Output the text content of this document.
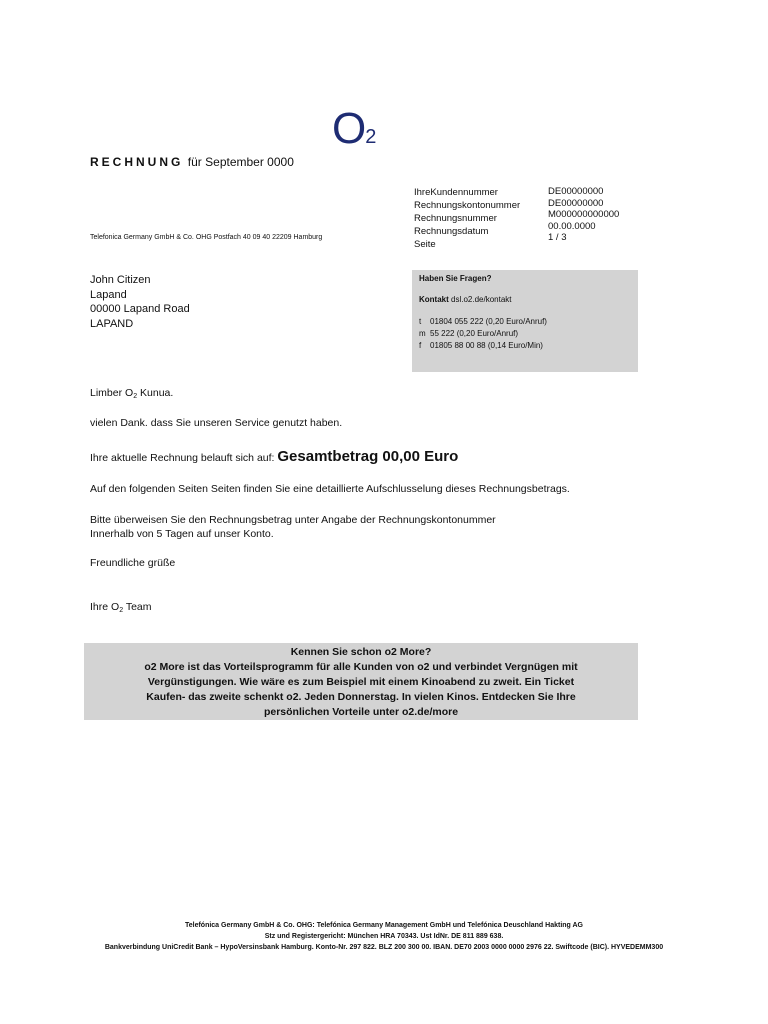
O2
RECHNUNG für September 0000
IhreKundennummer
Rechnungskontonummer
Rechnungsnummer
Rechnungsdatum
Seite
DE00000000
DE00000000
M000000000000
00.00.0000
1 / 3
Telefonica Germany GmbH & Co. OHG Postfach 40 09 40 22209 Hamburg
John Citizen
Lapand
00000 Lapand Road
LAPAND
Haben Sie Fragen?
Kontakt dsl.o2.de/kontakt
t 01804 055 222 (0,20 Euro/Anruf)
m 55 222 (0,20 Euro/Anruf)
f 01805 88 00 88 (0,14 Euro/Min)
Limber $O_2$ Kunua.
vielen Dank. dass Sie unseren Service genutzt haben.
Ihre aktuelle Rechnung belauft sich auf: Gesamtbetrag 00,00 Euro
Auf den folgenden Seiten Seiten finden Sie eine detaillierte Aufschlusselung dieses Rechnungsbetrags.
Bitte überweisen Sie den Rechnungsbetrag unter Angabe der Rechnungskontonummer
Innerhalb von 5 Tagen auf unser Konto.
Freundliche grüße
Ihre $O_2$ Team
Kennen Sie schon o2 More?
o2 More ist das Vorteilsprogramm für alle Kunden von o2 und verbindet Vergnügen mit
Vergünstigungen. Wie wäre es zum Beispiel mit einem Kinoabend zu zweit. Ein Ticket
Kaufen- das zweite schenkt o2. Jeden Donnerstag. In vielen Kinos. Entdecken Sie Ihre
persönlichen Vorteile unter o2.de/more
Telefónica Germany GmbH & Co. OHG: Telefónica Germany Management GmbH und Telefónica Deuschland Hakting AG
Stz und Registergericht: München HRA 70343. Ust IdNr. DE 811 889 638.
Bankverbindung UniCredit Bank – HypoVersinsbank Hamburg. Konto-Nr. 297 822. BLZ 200 300 00. IBAN. DE70 2003 0000 0000 2976 22. Swiftcode (BIC). HYVEDEMM300
